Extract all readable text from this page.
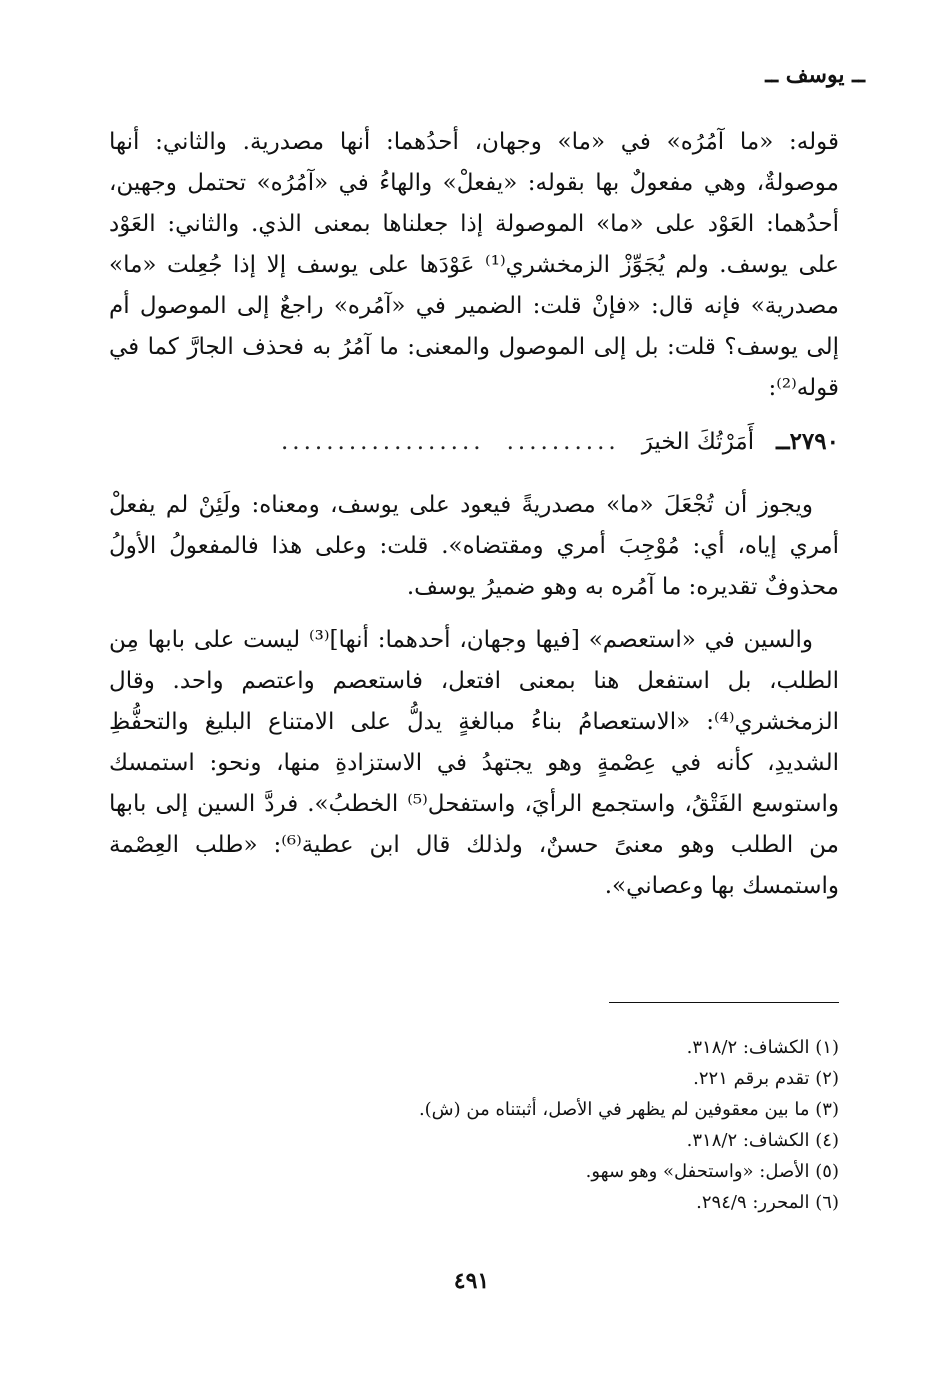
ــ يوسف ــ

قوله: «ما آمُرُه» في «ما» وجهان، أحدُهما: أنها مصدرية. والثاني: أنها موصولةٌ، وهي مفعولٌ بها بقوله: «يفعلْ» والهاءُ في «آمُرُه» تحتمل وجهين، أحدُهما: العَوْد على «ما» الموصولة إذا جعلناها بمعنى الذي. والثاني: العَوْد على يوسف. ولم يُجَوِّزْ الزمخشري⁽¹⁾ عَوْدَها على يوسف إلا إذا جُعِلت «ما» مصدرية» فإنه قال: «فإنْ قلت: الضمير في «آمُره» راجعٌ إلى الموصول أم إلى يوسف؟ قلت: بل إلى الموصول والمعنى: ما آمُرُ به فحذف الجارَّ كما في قوله⁽²⁾:

٢٧٩٠ــ
أَمَرْتُكَ الخيرَ
..........
..................

ويجوز أن تُجْعَلَ «ما» مصدريةً فيعود على يوسف، ومعناه: ولَئِنْ لم يفعلْ أمري إياه، أي: مُوْجِبَ أمري ومقتضاه». قلت: وعلى هذا فالمفعولُ الأولُ محذوفٌ تقديره: ما آمُره به وهو ضميرُ يوسف.

والسين في «استعصم» [فيها وجهان، أحدهما: أنها]⁽³⁾ ليست على بابها مِن الطلب، بل استفعل هنا بمعنى افتعل، فاستعصم واعتصم واحد. وقال الزمخشري⁽⁴⁾: «الاستعصامُ بناءُ مبالغةٍ يدلُّ على الامتناع البليغ والتحفُّظِ الشديدِ، كأنه في عِصْمةٍ وهو يجتهدُ في الاستزادةِ منها، ونحو: استمسك واستوسع الفَتْقُ، واستجمع الرأيَ، واستفحل⁽⁵⁾ الخطبُ». فردَّ السين إلى بابها من الطلب وهو معنىً حسنٌ، ولذلك قال ابن عطية⁽⁶⁾: «طلب العِصْمة واستمسك بها وعصاني».

(١) الكشاف: ٣١٨/٢.
(٢) تقدم برقم ٢٢١.
(٣) ما بين معقوفين لم يظهر في الأصل، أثبتناه من (ش).
(٤) الكشاف: ٣١٨/٢.
(٥) الأصل: «واستحفل» وهو سهو.
(٦) المحرر: ٢٩٤/٩.
٤٩١
